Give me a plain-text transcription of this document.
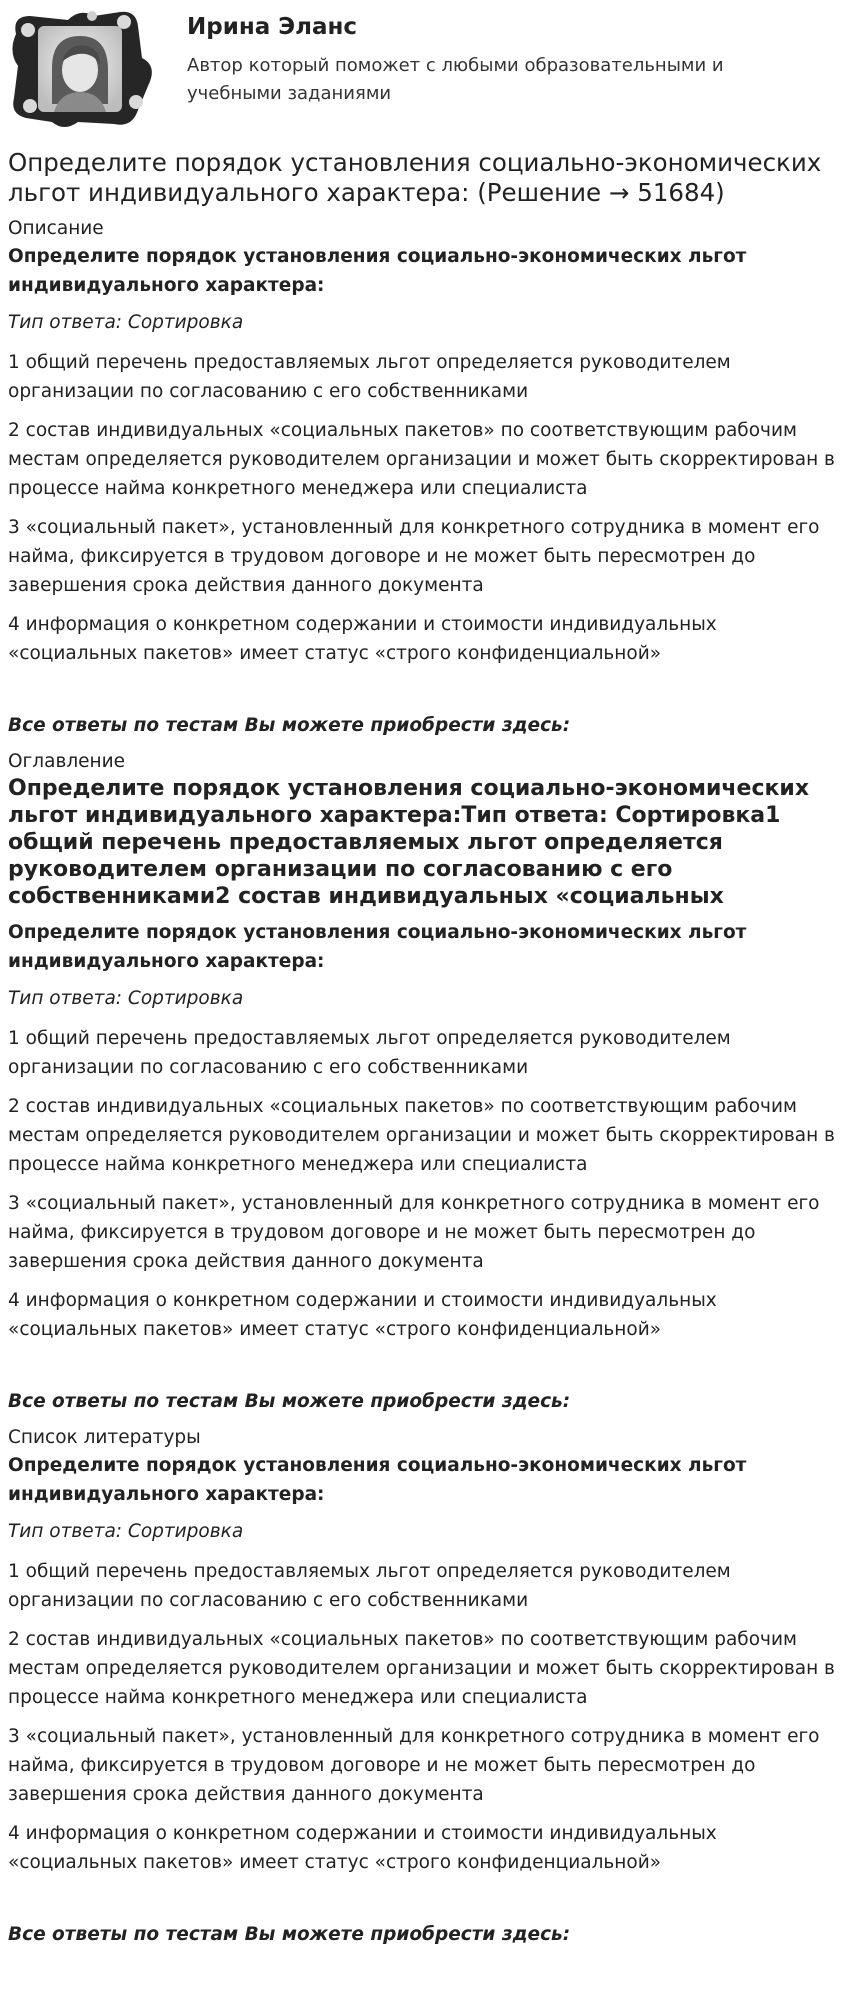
Ирина Эланс
Автор который поможет с любыми образовательными и учебными заданиями
Определите порядок установления социально-экономических льгот индивидуального характера: (Решение → 51684)
Описание
Определите порядок установления социально-экономических льгот индивидуального характера:
Тип ответа: Сортировка
1 общий перечень предоставляемых льгот определяется руководителем организации по согласованию с его собственниками
2 состав индивидуальных «социальных пакетов» по соответствующим рабочим местам определяется руководителем организации и может быть скорректирован в процессе найма конкретного менеджера или специалиста
3 «социальный пакет», установленный для конкретного сотрудника в момент его найма, фиксируется в трудовом договоре и не может быть пересмотрен до завершения срока действия данного документа
4 информация о конкретном содержании и стоимости индивидуальных «социальных пакетов» имеет статус «строго конфиденциальной»
Все ответы по тестам Вы можете приобрести здесь:
Оглавление
Определите порядок установления социально-экономических льгот индивидуального характера:Тип ответа: Сортировка1 общий перечень предоставляемых льгот определяется руководителем организации по согласованию с его собственниками2 состав индивидуальных «социальных
Определите порядок установления социально-экономических льгот индивидуального характера:
Тип ответа: Сортировка
1 общий перечень предоставляемых льгот определяется руководителем организации по согласованию с его собственниками
2 состав индивидуальных «социальных пакетов» по соответствующим рабочим местам определяется руководителем организации и может быть скорректирован в процессе найма конкретного менеджера или специалиста
3 «социальный пакет», установленный для конкретного сотрудника в момент его найма, фиксируется в трудовом договоре и не может быть пересмотрен до завершения срока действия данного документа
4 информация о конкретном содержании и стоимости индивидуальных «социальных пакетов» имеет статус «строго конфиденциальной»
Все ответы по тестам Вы можете приобрести здесь:
Список литературы
Определите порядок установления социально-экономических льгот индивидуального характера:
Тип ответа: Сортировка
1 общий перечень предоставляемых льгот определяется руководителем организации по согласованию с его собственниками
2 состав индивидуальных «социальных пакетов» по соответствующим рабочим местам определяется руководителем организации и может быть скорректирован в процессе найма конкретного менеджера или специалиста
3 «социальный пакет», установленный для конкретного сотрудника в момент его найма, фиксируется в трудовом договоре и не может быть пересмотрен до завершения срока действия данного документа
4 информация о конкретном содержании и стоимости индивидуальных «социальных пакетов» имеет статус «строго конфиденциальной»
Все ответы по тестам Вы можете приобрести здесь:
